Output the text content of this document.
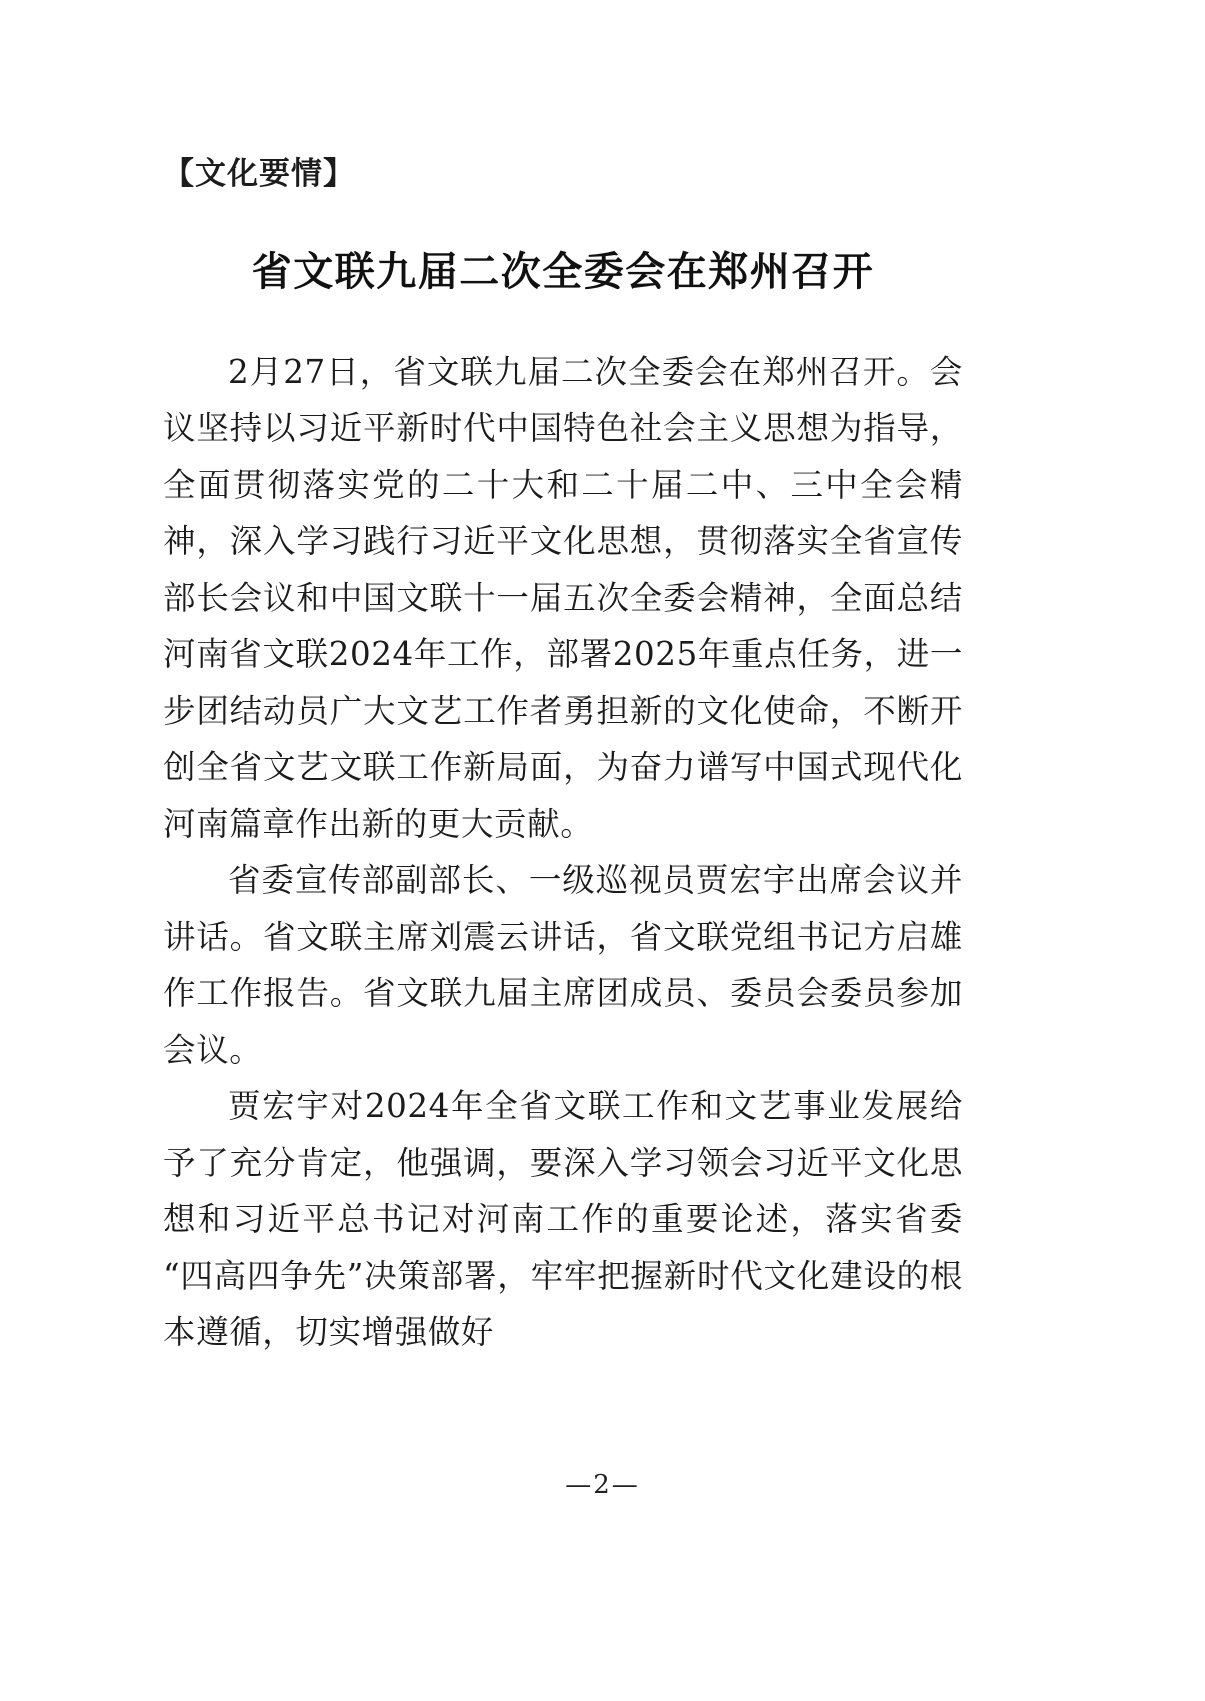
【文化要情】
省文联九届二次全委会在郑州召开

2月27日，省文联九届二次全委会在郑州召开。会议坚持以习近平新时代中国特色社会主义思想为指导，全面贯彻落实党的二十大和二十届二中、三中全会精神，深入学习践行习近平文化思想，贯彻落实全省宣传部长会议和中国文联十一届五次全委会精神，全面总结河南省文联2024年工作，部署2025年重点任务，进一步团结动员广大文艺工作者勇担新的文化使命，不断开创全省文艺文联工作新局面，为奋力谱写中国式现代化河南篇章作出新的更大贡献。

省委宣传部副部长、一级巡视员贾宏宇出席会议并讲话。省文联主席刘震云讲话，省文联党组书记方启雄作工作报告。省文联九届主席团成员、委员会委员参加会议。

贾宏宇对2024年全省文联工作和文艺事业发展给予了充分肯定，他强调，要深入学习领会习近平文化思想和习近平总书记对河南工作的重要论述，落实省委“四高四争先”决策部署，牢牢把握新时代文化建设的根本遵循，切实增强做好

—2—
